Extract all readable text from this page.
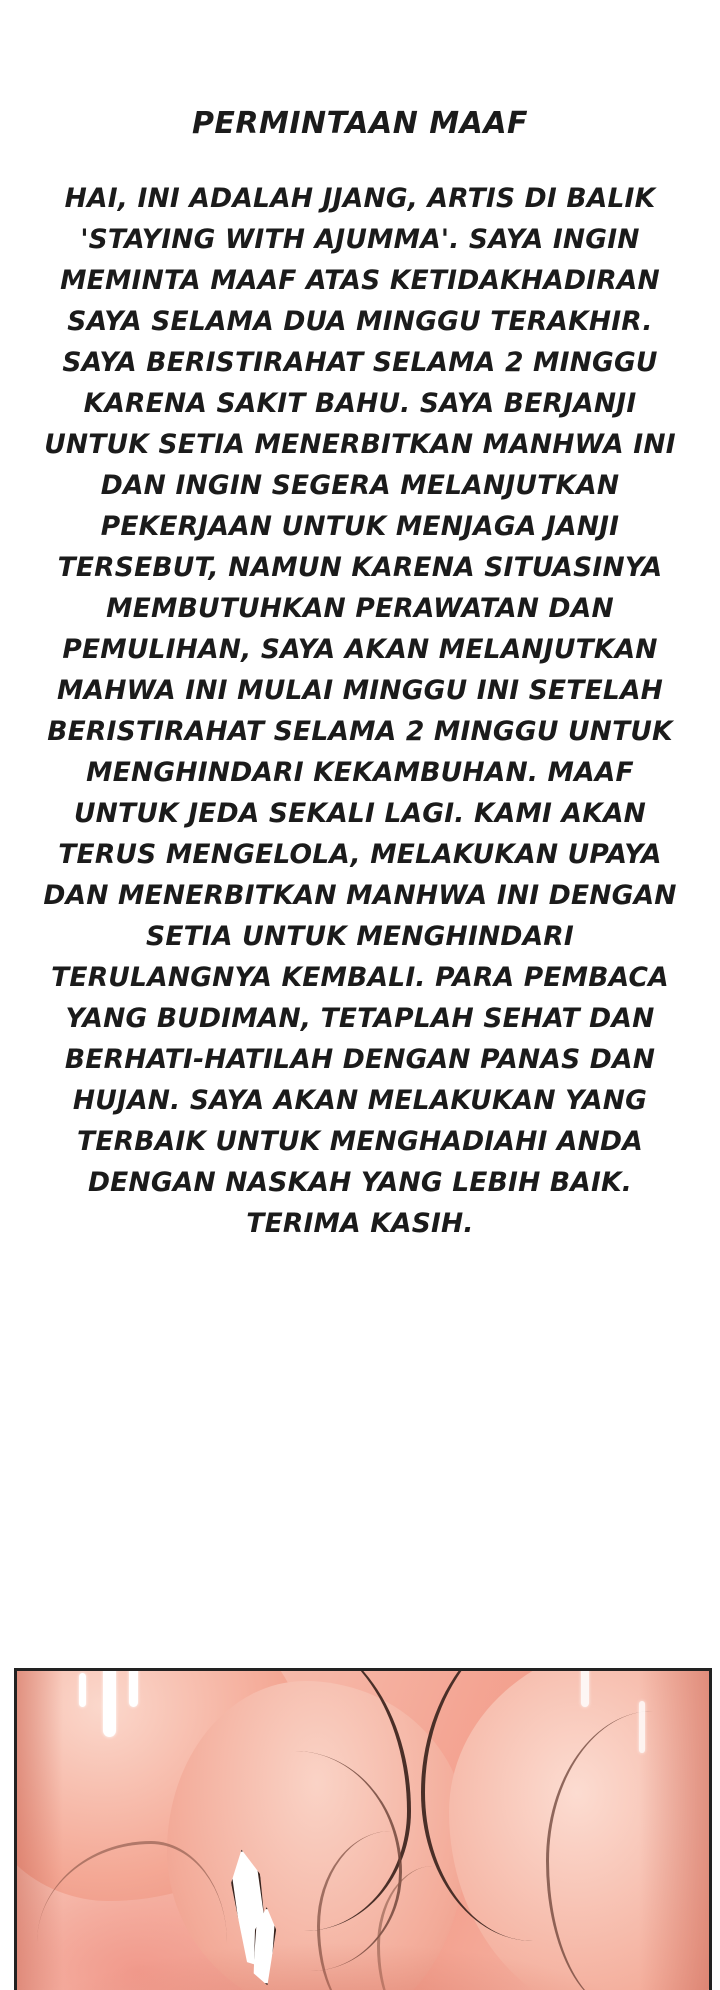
PERMINTAAN MAAF
HAI, INI ADALAH JJANG, ARTIS DI BALIK 'STAYING WITH AJUMMA'. SAYA INGIN MEMINTA MAAF ATAS KETIDAKHADIRAN SAYA SELAMA DUA MINGGU TERAKHIR. SAYA BERISTIRAHAT SELAMA 2 MINGGU KARENA SAKIT BAHU. SAYA BERJANJI UNTUK SETIA MENERBITKAN MANHWA INI DAN INGIN SEGERA MELANJUTKAN PEKERJAAN UNTUK MENJAGA JANJI TERSEBUT, NAMUN KARENA SITUASINYA MEMBUTUHKAN PERAWATAN DAN PEMULIHAN, SAYA AKAN MELANJUTKAN MAHWA INI MULAI MINGGU INI SETELAH BERISTIRAHAT SELAMA 2 MINGGU UNTUK MENGHINDARI KEKAMBUHAN. MAAF UNTUK JEDA SEKALI LAGI. KAMI AKAN TERUS MENGELOLA, MELAKUKAN UPAYA DAN MENERBITKAN MANHWA INI DENGAN SETIA UNTUK MENGHINDARI TERULANGNYA KEMBALI. PARA PEMBACA YANG BUDIMAN, TETAPLAH SEHAT DAN BERHATI-HATILAH DENGAN PANAS DAN HUJAN. SAYA AKAN MELAKUKAN YANG TERBAIK UNTUK MENGHADIAHI ANDA DENGAN NASKAH YANG LEBIH BAIK. TERIMA KASIH.
